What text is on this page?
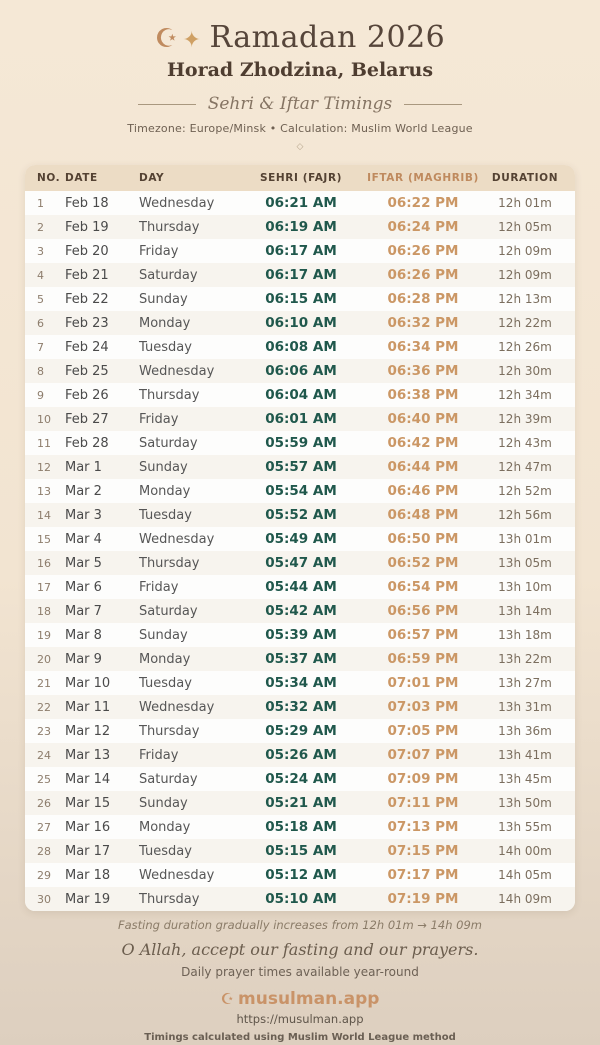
☪ ✦ Ramadan 2026
Horad Zhodzina, Belarus
Sehri & Iftar Timings
Timezone: Europe/Minsk • Calculation: Muslim World League
◇
NO. DATE	DAY	SEHRI (FAJR)	IFTAR (MAGHRIB)	DURATION
1	Feb 18	Wednesday	06:21 AM	06:22 PM	12h 01m
2	Feb 19	Thursday	06:19 AM	06:24 PM	12h 05m
3	Feb 20	Friday	06:17 AM	06:26 PM	12h 09m
4	Feb 21	Saturday	06:17 AM	06:26 PM	12h 09m
5	Feb 22	Sunday	06:15 AM	06:28 PM	12h 13m
6	Feb 23	Monday	06:10 AM	06:32 PM	12h 22m
7	Feb 24	Tuesday	06:08 AM	06:34 PM	12h 26m
8	Feb 25	Wednesday	06:06 AM	06:36 PM	12h 30m
9	Feb 26	Thursday	06:04 AM	06:38 PM	12h 34m
10	Feb 27	Friday	06:01 AM	06:40 PM	12h 39m
11	Feb 28	Saturday	05:59 AM	06:42 PM	12h 43m
12	Mar 1	Sunday	05:57 AM	06:44 PM	12h 47m
13	Mar 2	Monday	05:54 AM	06:46 PM	12h 52m
14	Mar 3	Tuesday	05:52 AM	06:48 PM	12h 56m
15	Mar 4	Wednesday	05:49 AM	06:50 PM	13h 01m
16	Mar 5	Thursday	05:47 AM	06:52 PM	13h 05m
17	Mar 6	Friday	05:44 AM	06:54 PM	13h 10m
18	Mar 7	Saturday	05:42 AM	06:56 PM	13h 14m
19	Mar 8	Sunday	05:39 AM	06:57 PM	13h 18m
20	Mar 9	Monday	05:37 AM	06:59 PM	13h 22m
21	Mar 10	Tuesday	05:34 AM	07:01 PM	13h 27m
22	Mar 11	Wednesday	05:32 AM	07:03 PM	13h 31m
23	Mar 12	Thursday	05:29 AM	07:05 PM	13h 36m
24	Mar 13	Friday	05:26 AM	07:07 PM	13h 41m
25	Mar 14	Saturday	05:24 AM	07:09 PM	13h 45m
26	Mar 15	Sunday	05:21 AM	07:11 PM	13h 50m
27	Mar 16	Monday	05:18 AM	07:13 PM	13h 55m
28	Mar 17	Tuesday	05:15 AM	07:15 PM	14h 00m
29	Mar 18	Wednesday	05:12 AM	07:17 PM	14h 05m
30	Mar 19	Thursday	05:10 AM	07:19 PM	14h 09m
Fasting duration gradually increases from 12h 01m → 14h 09m
O Allah, accept our fasting and our prayers.
Daily prayer times available year-round
☪ musulman.app
https://musulman.app
Timings calculated using Muslim World League method
